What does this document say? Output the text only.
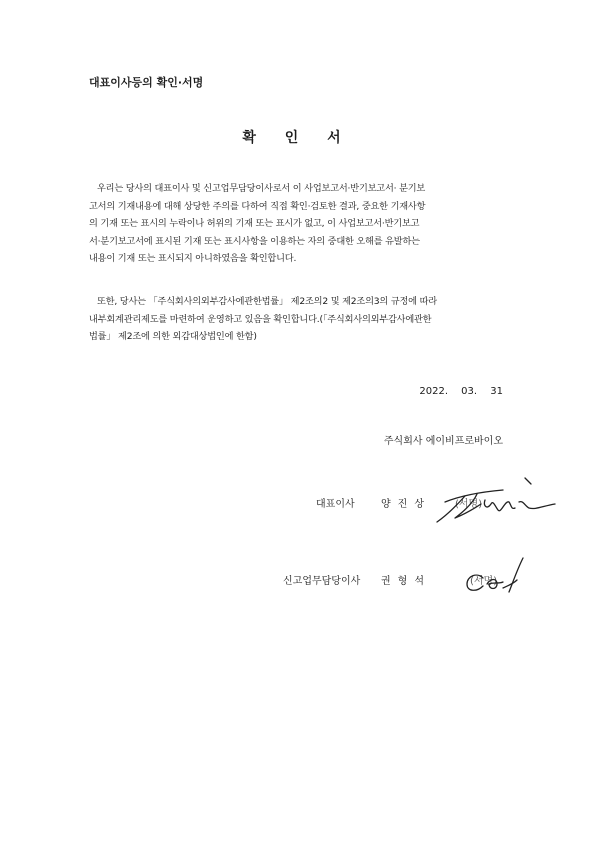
대표이사등의 확인·서명
확 인 서
우리는 당사의 대표이사 및 신고업무담당이사로서 이 사업보고서·반기보고서· 분기보
고서의 기재내용에 대해 상당한 주의를 다하여 직접 확인·검토한 결과, 중요한 기재사항
의 기재 또는 표시의 누락이나 허위의 기재 또는 표시가 없고, 이 사업보고서·반기보고
서·분기보고서에 표시된 기재 또는 표시사항을 이용하는 자의 중대한 오해를 유발하는
내용이 기재 또는 표시되지 아니하였음을 확인합니다.
또한, 당사는 「주식회사의외부감사에관한법률」 제2조의2 및 제2조의3의 규정에 따라
내부회계관리제도를 마련하여 운영하고 있음을 확인합니다.(「주식회사의외부감사에관한
법률」 제2조에 의한 외감대상법인에 한함)
2022. 03. 31
주식회사 에이비프로바이오
대표이사	양진상 (서명)
신고업무담당이사 권형석	(서명)
